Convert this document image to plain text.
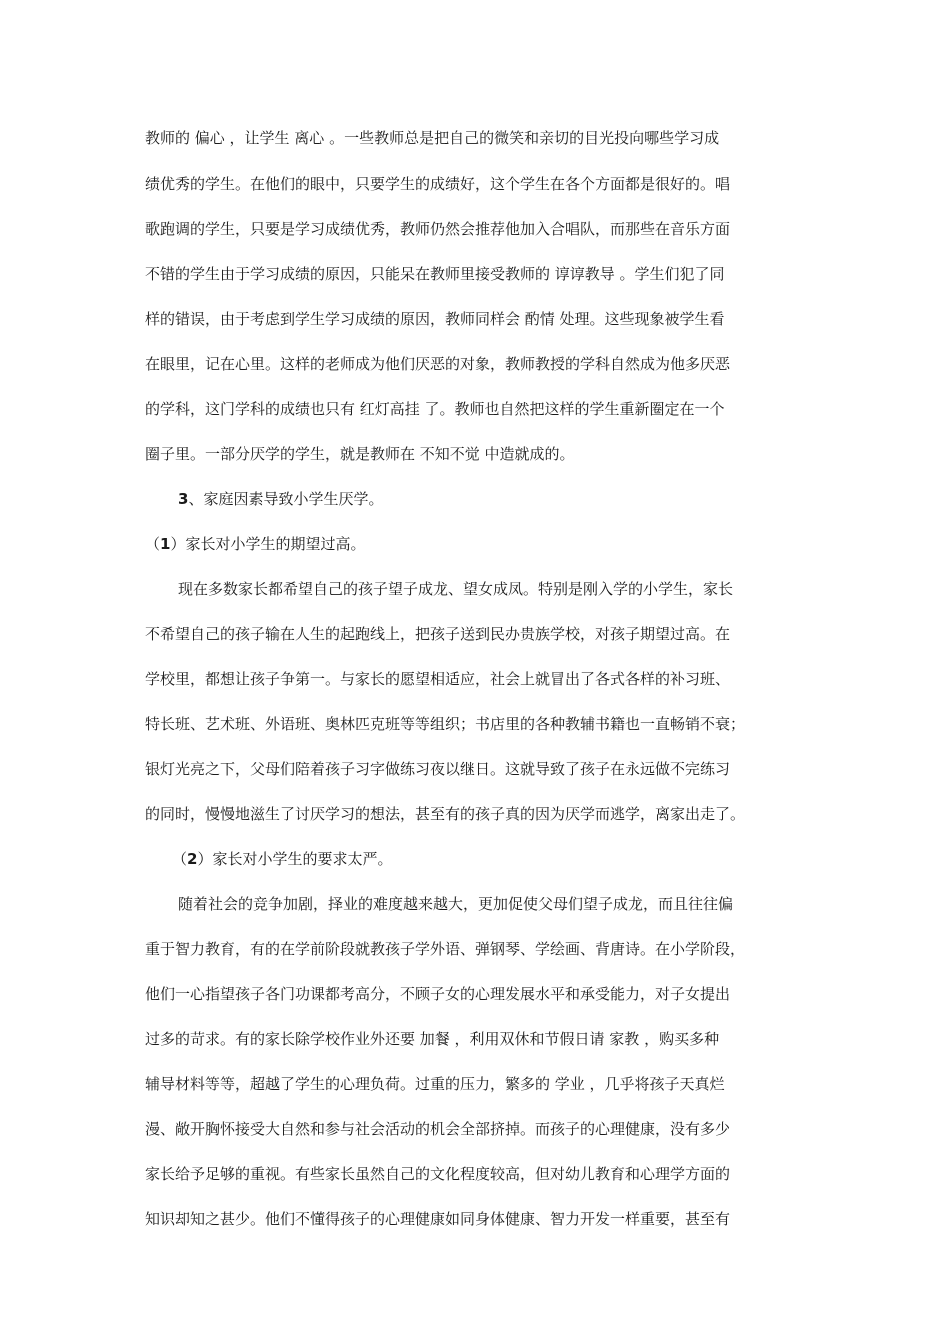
教师的 偏心 ，让学生 离心 。一些教师总是把自己的微笑和亲切的目光投向哪些学习成
绩优秀的学生。在他们的眼中，只要学生的成绩好，这个学生在各个方面都是很好的。唱
歌跑调的学生，只要是学习成绩优秀，教师仍然会推荐他加入合唱队，而那些在音乐方面
不错的学生由于学习成绩的原因，只能呆在教师里接受教师的 谆谆教导 。学生们犯了同
样的错误，由于考虑到学生学习成绩的原因，教师同样会 酌情 处理。这些现象被学生看
在眼里，记在心里。这样的老师成为他们厌恶的对象，教师教授的学科自然成为他多厌恶
的学科，这门学科的成绩也只有 红灯高挂 了。教师也自然把这样的学生重新圈定在一个
圈子里。一部分厌学的学生，就是教师在 不知不觉 中造就成的。
3、家庭因素导致小学生厌学。
（1）家长对小学生的期望过高。
现在多数家长都希望自己的孩子望子成龙、望女成凤。特别是刚入学的小学生，家长
不希望自己的孩子输在人生的起跑线上，把孩子送到民办贵族学校，对孩子期望过高。在
学校里，都想让孩子争第一。与家长的愿望相适应，社会上就冒出了各式各样的补习班、
特长班、艺术班、外语班、奥林匹克班等等组织；书店里的各种教辅书籍也一直畅销不衰；
银灯光亮之下，父母们陪着孩子习字做练习夜以继日。这就导致了孩子在永远做不完练习
的同时，慢慢地滋生了讨厌学习的想法，甚至有的孩子真的因为厌学而逃学，离家出走了。
（2）家长对小学生的要求太严。
随着社会的竞争加剧，择业的难度越来越大，更加促使父母们望子成龙，而且往往偏
重于智力教育，有的在学前阶段就教孩子学外语、弹钢琴、学绘画、背唐诗。在小学阶段，
他们一心指望孩子各门功课都考高分，不顾子女的心理发展水平和承受能力，对子女提出
过多的苛求。有的家长除学校作业外还要 加餐 ，利用双休和节假日请 家教 ，购买多种
辅导材料等等，超越了学生的心理负荷。过重的压力，繁多的 学业 ，几乎将孩子天真烂
漫、敞开胸怀接受大自然和参与社会活动的机会全部挤掉。而孩子的心理健康，没有多少
家长给予足够的重视。有些家长虽然自己的文化程度较高，但对幼儿教育和心理学方面的
知识却知之甚少。他们不懂得孩子的心理健康如同身体健康、智力开发一样重要，甚至有
